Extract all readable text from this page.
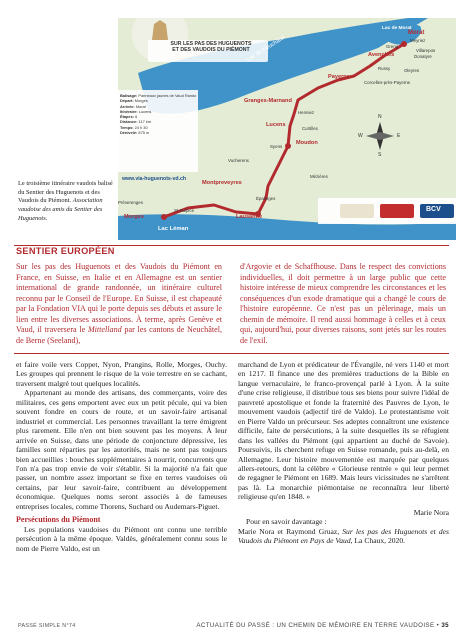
SUR LES PAS DES HUGUENOTS
ET DES VAUDOIS DU PIÉMONT
Lac de Neuchâtel
Lac de Morat
Lac Léman
Morat
Meyriez
Greng
Villarepos
Donatyre
Avenches
Oleyres
Russy
Payerne
Corcelles-près-Payerne
Granges-Marnand
Henniez
Curtilles
Lucens
Syens
Moudon
Vucherens
Mézières
Épalinges
Montpreveyres
Préverenges
St-Sulpice
Morges	Lausanne
N
S
E
W
Balisage: Panneaux jaunes de Vaud Rando
Départ: Morges
Arrivée: Morat
Itinéraire: Lucens
Étapes: 6
Distance: 117 km
Temps: 24 h 30
Dénivelé: 875 m
www.via-huguenots-vd.ch
BCV
Le troisième itinéraire vaudois balisé du Sentier des Huguenots et des Vaudois du Piémont. Association vaudoise des amis du Sentier des Huguenots.
SENTIER EUROPÉEN
Sur les pas des Huguenots et des Vaudois du Piémont en France, en Suisse, en Italie et en Allemagne est un sentier international de grande randonnée, un itinéraire culturel reconnu par le Conseil de l'Europe. En Suisse, il est chapeauté par la Fondation VIA qui le porte depuis ses débuts et assure le lien entre les diverses associations. À terme, après Genève et Vaud, il traversera le Mittelland par les cantons de Neuchâtel, de Berne (Seeland),
d'Argovie et de Schaffhouse. Dans le respect des convictions individuelles, il doit permettre à un large public que cette histoire intéresse de mieux comprendre les circonstances et les conséquences d'un exode dramatique qui a changé le cours de l'histoire européenne. Ce n'est pas un pèlerinage, mais un chemin de mémoire. Il rend aussi hommage à celles et à ceux qui, aujourd'hui, pour diverses raisons, sont jetés sur les routes de l'exil.

et faire voile vers Coppet, Nyon, Prangins, Rolle, Morges, Ouchy. Les groupes qui prennent le risque de la voie terrestre en se cachant, traversent malgré tout quelques localités.

Appartenant au monde des artisans, des commerçants, voire des militaires, ces gens emportent avec eux un petit pécule, qui va bien souvent fondre en cours de route, et un savoir-faire artisanal industriel et commercial. Les personnes travaillant la terre émigrent plus rarement. Elle n'en ont bien souvent pas les moyens. À leur arrivée en Suisse, dans une période de conjoncture dépressive, les familles sont réparties par les autorités, mais ne sont pas toujours bien accueillies : bouches supplémentaires à nourrir, concurrents que l'on n'a pas trop envie de voir s'établir. Si la majorité n'a fait que passer, un nombre assez important se fixe en terres vaudoises où certains, par leur savoir-faire, contribuent au développement économique. Quelques noms seront associés à de fameuses entreprises locales, comme Thorens, Suchard ou Audemars-Piguet.

Persécutions du Piémont

Les populations vaudoises du Piémont ont connu une terrible persécution à la même époque. Valdès, généralement connu sous le nom de Pierre Valdo, est un

marchand de Lyon et prédicateur de l'Évangile, né vers 1140 et mort en 1217. Il finance une des premières traductions de la Bible en langue vernaculaire, le franco-provençal parlé à Lyon. À la suite d'une crise religieuse, il distribue tous ses biens pour suivre l'idéal de pauvreté apostolique et fonde la fraternité des Pauvres de Lyon, le mouvement vaudois (adjectif tiré de Valdo). Le protestantisme voit en Pierre Valdo un précurseur. Ses adeptes connaîtront une existence difficile, faite de persécutions, à la suite desquelles ils se réfugient dans les vallées du Piémont (qui appartient au duché de Savoie). Poursuivis, ils cherchent refuge en Suisse romande, puis au-delà, en Allemagne. Leur histoire mouvementée est marquée par quelques allers-retours, dont la célèbre « Glorieuse rentrée » qui leur permet de regagner le Piémont en 1689. Mais leurs vicissitudes ne s'arrêtent pas là. La monarchie piémontaise ne reconnaîtra leur liberté religieuse qu'en 1848. »

Marie Nora

Pour en savoir davantage :
Marie Nora et Raymond Gruaz, Sur les pas des Huguenots et des Vaudois du Piémont en Pays de Vaud, La Chaux, 2020.

PASSÉ SIMPLE N°74	ACTUALITÉ DU PASSÉ : UN CHEMIN DE MÉMOIRE EN TERRE VAUDOISE • 35
